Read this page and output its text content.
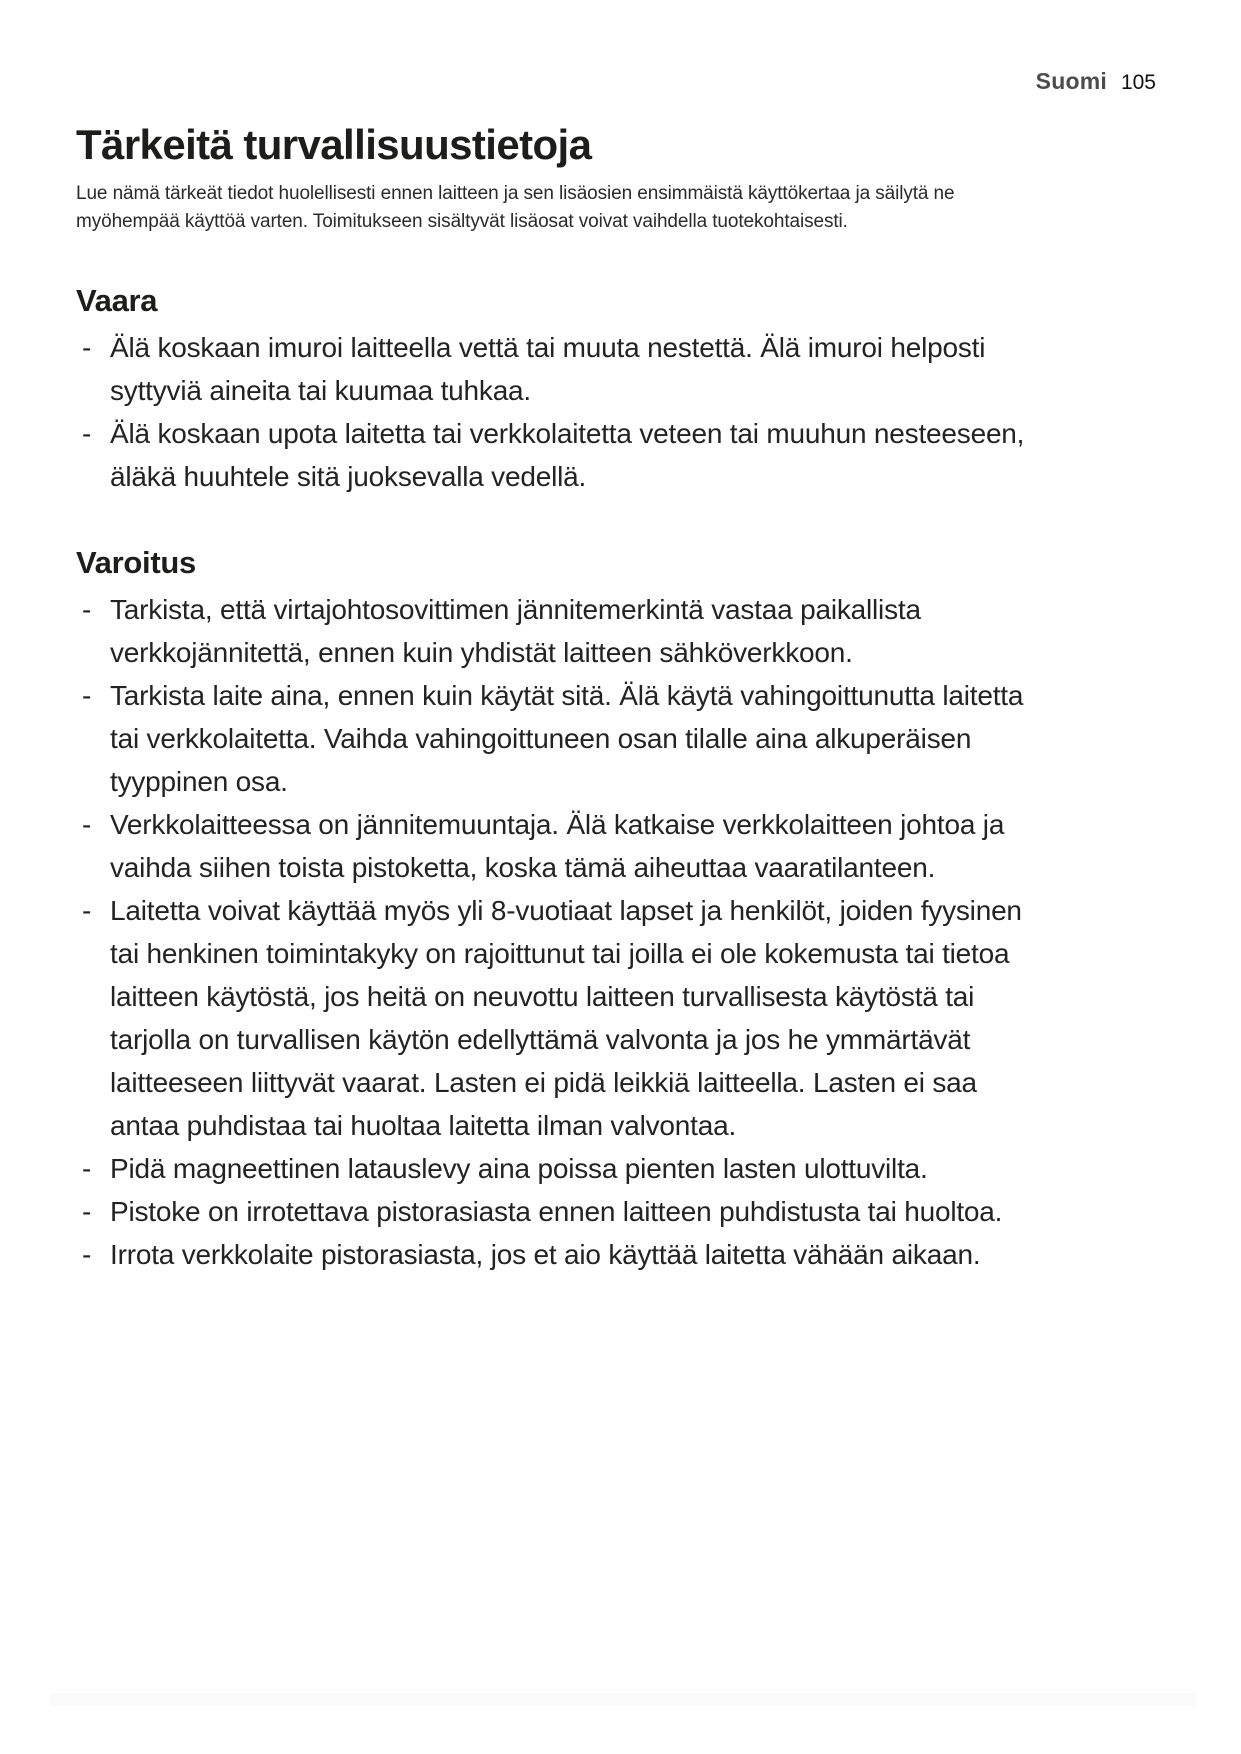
Suomi 105
Tärkeitä turvallisuustietoja

Lue nämä tärkeät tiedot huolellisesti ennen laitteen ja sen lisäosien ensimmäistä käyttökertaa ja säilytä ne myöhempää käyttöä varten. Toimitukseen sisältyvät lisäosat voivat vaihdella tuotekohtaisesti.

Vaara
- Älä koskaan imuroi laitteella vettä tai muuta nestettä. Älä imuroi helposti syttyviä aineita tai kuumaa tuhkaa.
- Älä koskaan upota laitetta tai verkkolaitetta veteen tai muuhun nesteeseen, äläkä huuhtele sitä juoksevalla vedellä.
Varoitus
- Tarkista, että virtajohtosovittimen jännitemerkintä vastaa paikallista verkkojännitettä, ennen kuin yhdistät laitteen sähköverkkoon.
- Tarkista laite aina, ennen kuin käytät sitä. Älä käytä vahingoittunutta laitetta tai verkkolaitetta. Vaihda vahingoittuneen osan tilalle aina alkuperäisen tyyppinen osa.
- Verkkolaitteessa on jännitemuuntaja. Älä katkaise verkkolaitteen johtoa ja vaihda siihen toista pistoketta, koska tämä aiheuttaa vaaratilanteen.
- Laitetta voivat käyttää myös yli 8-vuotiaat lapset ja henkilöt, joiden fyysinen tai henkinen toimintakyky on rajoittunut tai joilla ei ole kokemusta tai tietoa laitteen käytöstä, jos heitä on neuvottu laitteen turvallisesta käytöstä tai tarjolla on turvallisen käytön edellyttämä valvonta ja jos he ymmärtävät laitteeseen liittyvät vaarat. Lasten ei pidä leikkiä laitteella. Lasten ei saa antaa puhdistaa tai huoltaa laitetta ilman valvontaa.
- Pidä magneettinen latauslevy aina poissa pienten lasten ulottuvilta.
- Pistoke on irrotettava pistorasiasta ennen laitteen puhdistusta tai huoltoa.
- Irrota verkkolaite pistorasiasta, jos et aio käyttää laitetta vähään aikaan.
